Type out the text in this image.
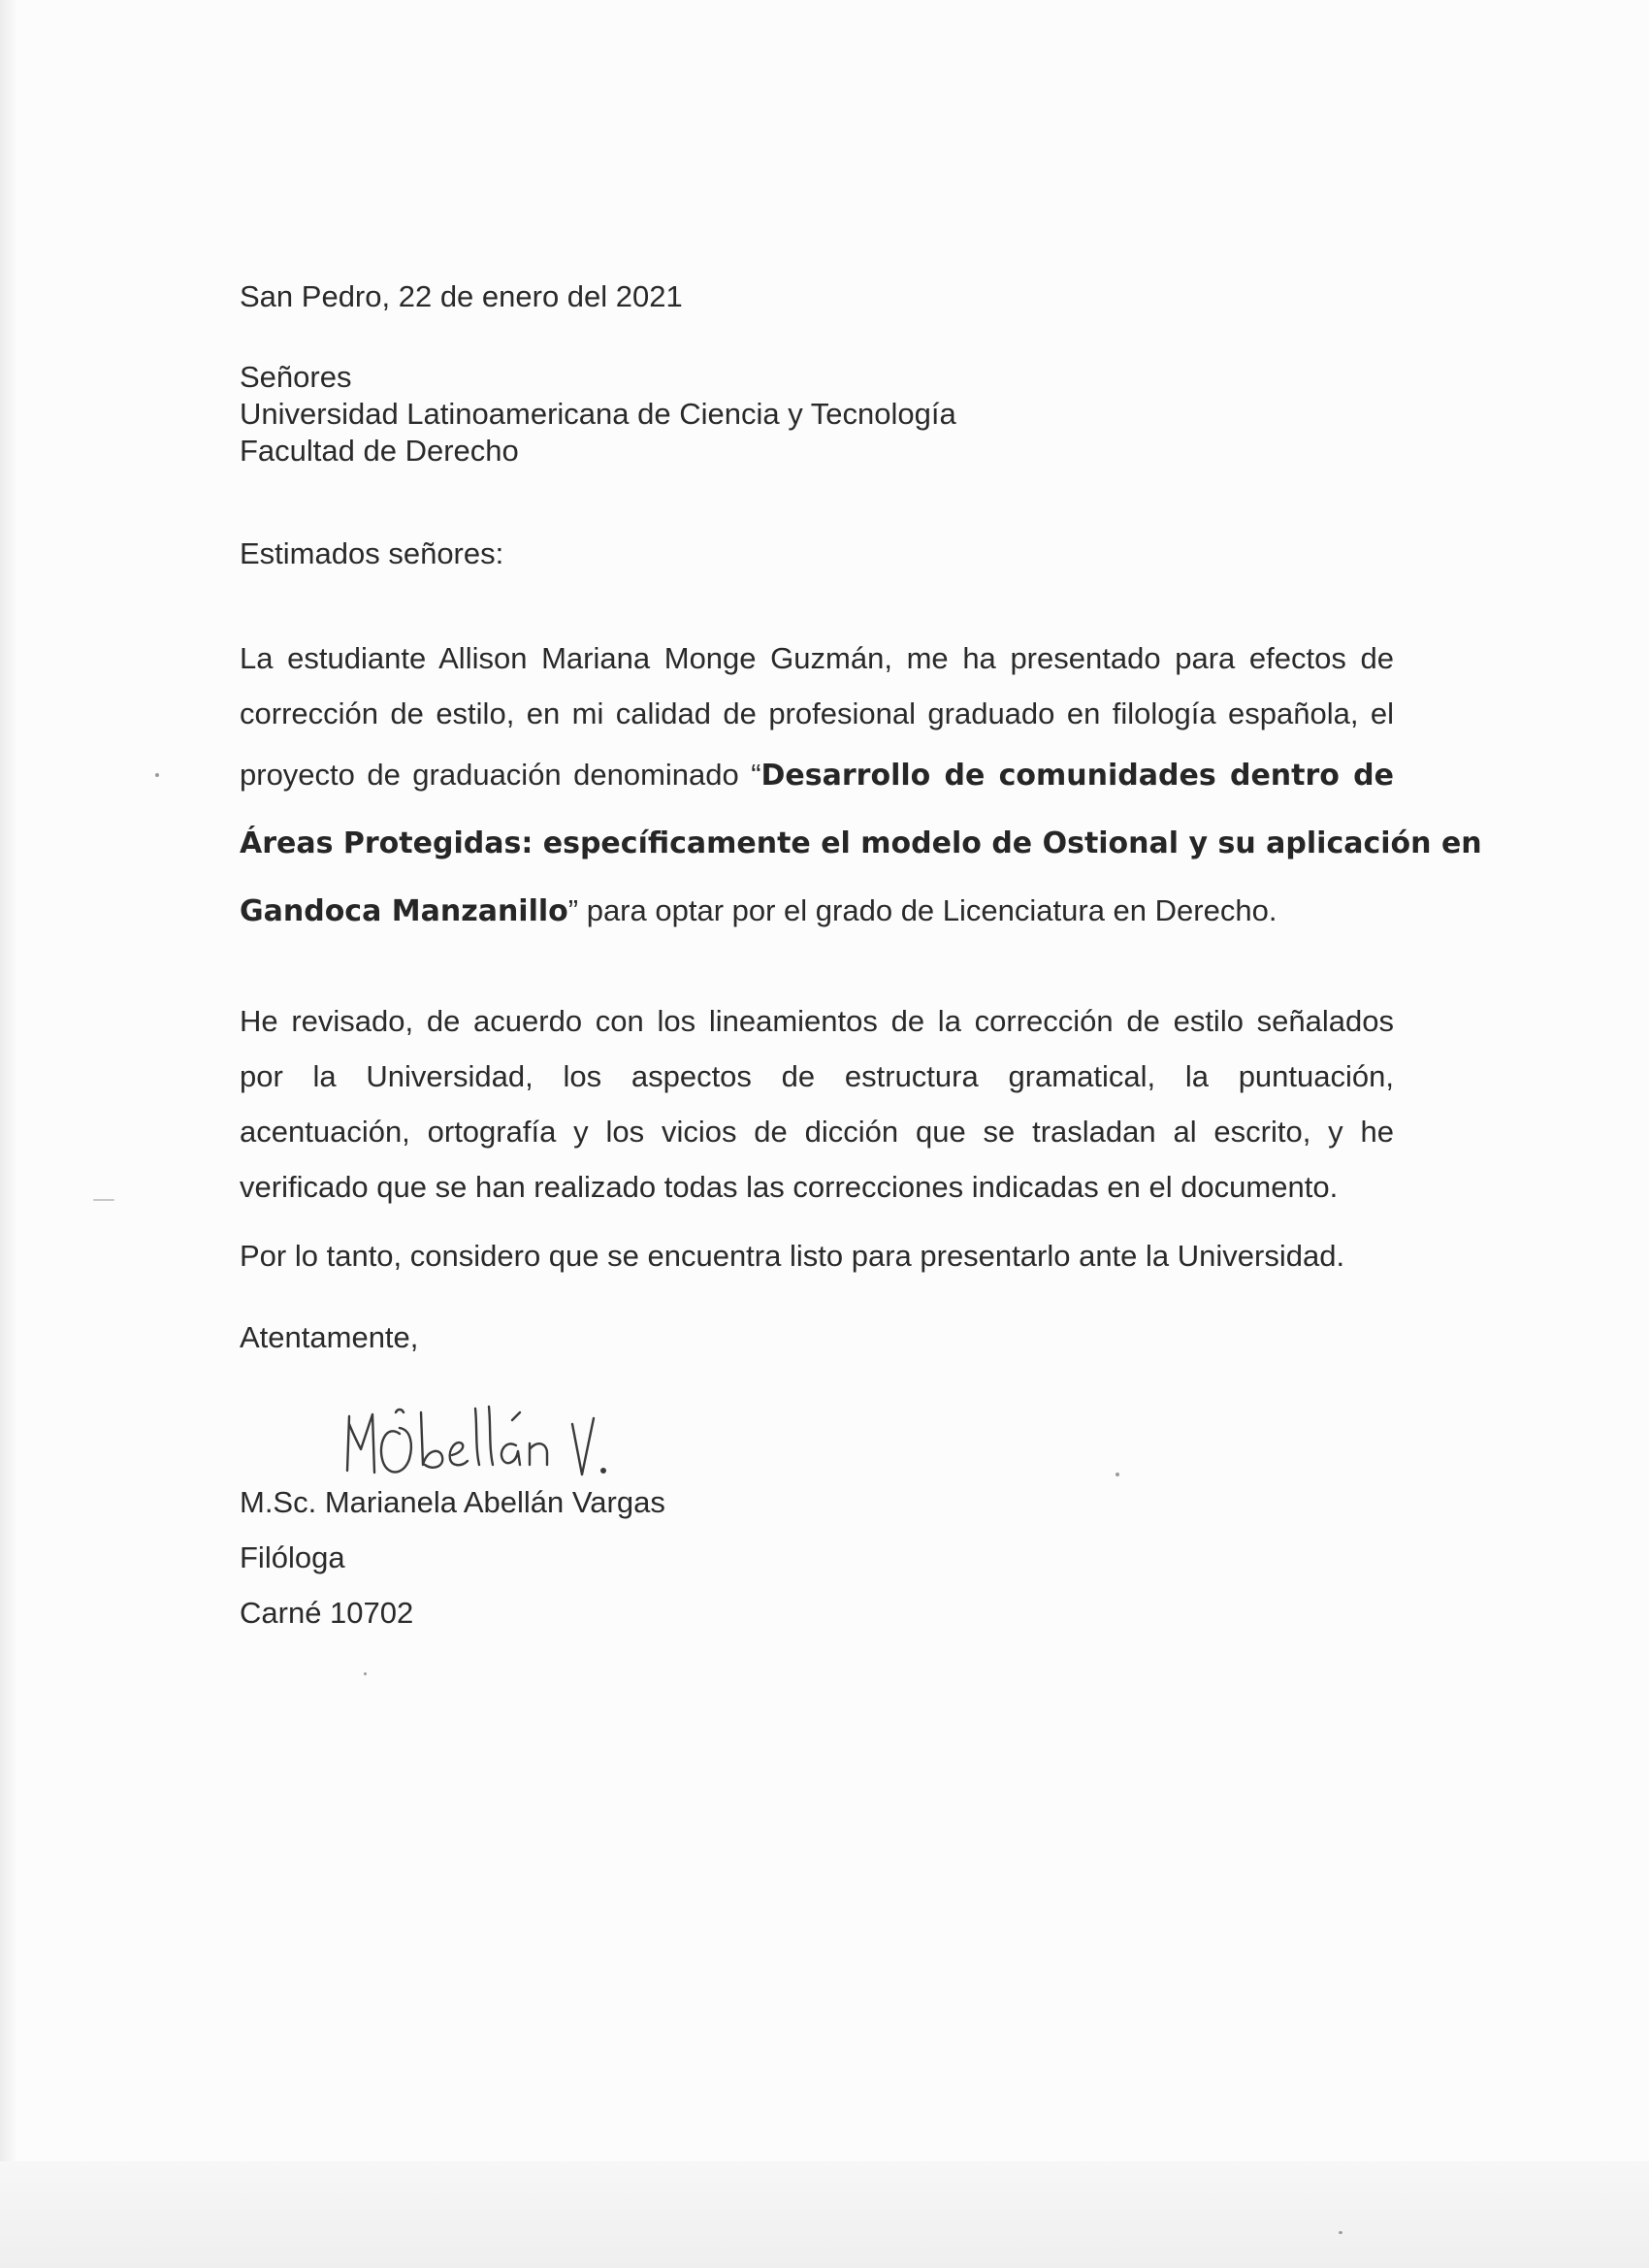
San Pedro, 22 de enero del 2021
Señores
Universidad Latinoamericana de Ciencia y Tecnología
Facultad de Derecho
Estimados señores:
La estudiante Allison Mariana Monge Guzmán, me ha presentado para efectos de
corrección de estilo, en mi calidad de profesional graduado en filología española, el
proyecto de graduación denominado “Desarrollo de comunidades dentro de
Áreas Protegidas: específicamente el modelo de Ostional y su aplicación en
Gandoca Manzanillo” para optar por el grado de Licenciatura en Derecho.
He revisado, de acuerdo con los lineamientos de la corrección de estilo señalados
por la Universidad, los aspectos de estructura gramatical, la puntuación,
acentuación, ortografía y los vicios de dicción que se trasladan al escrito, y he
verificado que se han realizado todas las correcciones indicadas en el documento.
Por lo tanto, considero que se encuentra listo para presentarlo ante la Universidad.
Atentamente,
M.Sc. Marianela Abellán Vargas
Filóloga
Carné 10702
